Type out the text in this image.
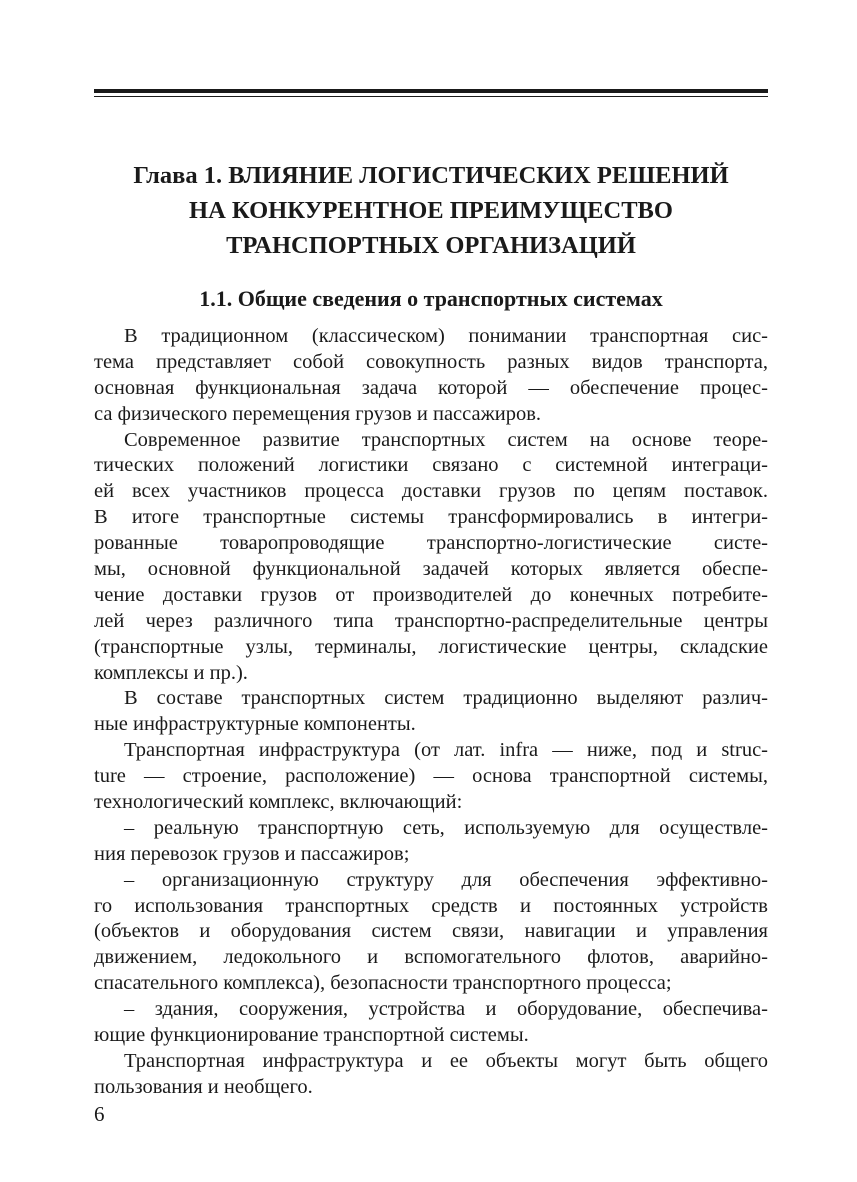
Глава 1. ВЛИЯНИЕ ЛОГИСТИЧЕСКИХ РЕШЕНИЙ
НА КОНКУРЕНТНОЕ ПРЕИМУЩЕСТВО
ТРАНСПОРТНЫХ ОРГАНИЗАЦИЙ
1.1. Общие сведения о транспортных системах
В традиционном (классическом) понимании транспортная сис-
тема представляет собой совокупность разных видов транспорта,
основная функциональная задача которой — обеспечение процес-
са физического перемещения грузов и пассажиров.
Современное развитие транспортных систем на основе теоре-
тических положений логистики связано с системной интеграци-
ей всех участников процесса доставки грузов по цепям поставок.
В итоге транспортные системы трансформировались в интегри-
рованные товаропроводящие транспортно-логистические систе-
мы, основной функциональной задачей которых является обеспе-
чение доставки грузов от производителей до конечных потребите-
лей через различного типа транспортно-распределительные центры
(транспортные узлы, терминалы, логистические центры, складские
комплексы и пр.).
В составе транспортных систем традиционно выделяют различ-
ные инфраструктурные компоненты.
Транспортная инфраструктура (от лат. infra — ниже, под и struc-
ture — строение, расположение) — основа транспортной системы,
технологический комплекс, включающий:
– реальную транспортную сеть, используемую для осуществле-
ния перевозок грузов и пассажиров;
– организационную структуру для обеспечения эффективно-
го использования транспортных средств и постоянных устройств
(объектов и оборудования систем связи, навигации и управления
движением, ледокольного и вспомогательного флотов, аварийно-
спасательного комплекса), безопасности транспортного процесса;
– здания, сооружения, устройства и оборудование, обеспечива-
ющие функционирование транспортной системы.
Транспортная инфраструктура и ее объекты могут быть общего
пользования и необщего.
6
